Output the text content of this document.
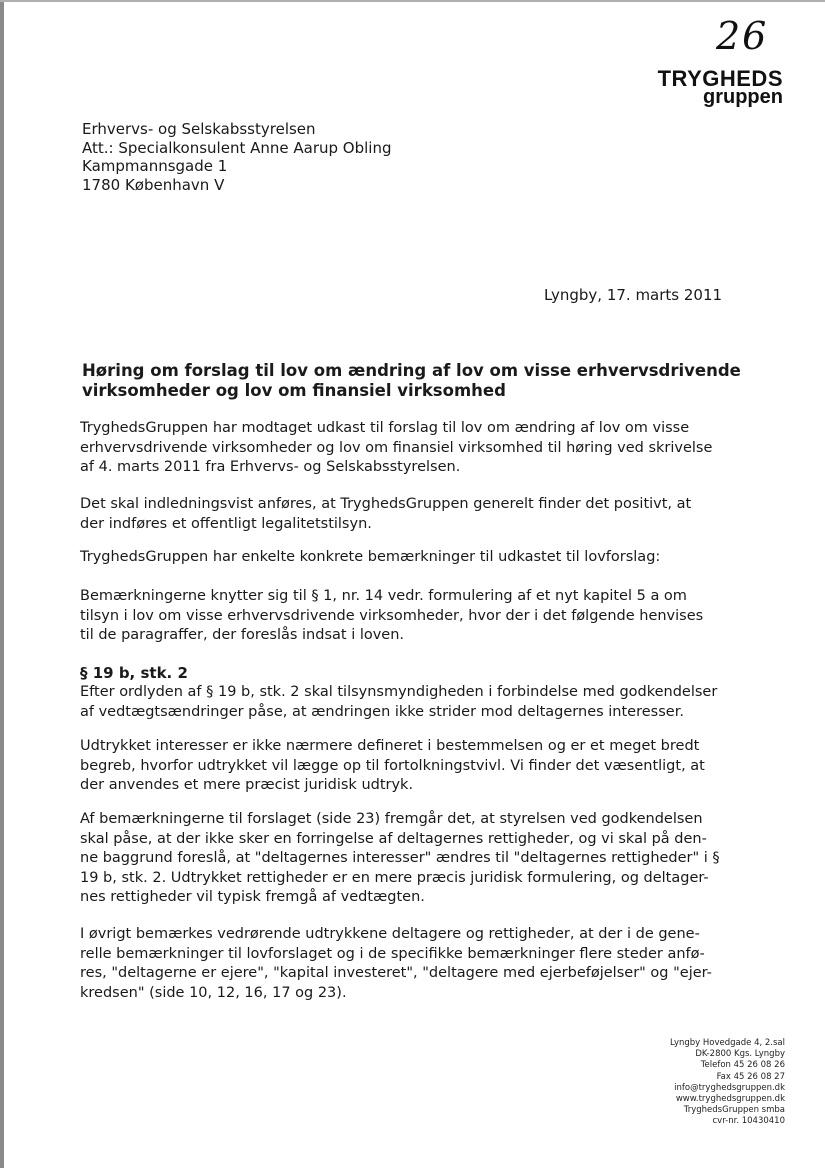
26
TRYGHEDS
gruppen
Erhvervs- og Selskabsstyrelsen
Att.: Specialkonsulent Anne Aarup Obling
Kampmannsgade 1
1780 København V
Lyngby, 17. marts 2011
Høring om forslag til lov om ændring af lov om visse erhvervsdrivende
virksomheder og lov om finansiel virksomhed
TryghedsGruppen har modtaget udkast til forslag til lov om ændring af lov om visse
erhvervsdrivende virksomheder og lov om finansiel virksomhed til høring ved skrivelse
af 4. marts 2011 fra Erhvervs- og Selskabsstyrelsen.
Det skal indledningsvist anføres, at TryghedsGruppen generelt finder det positivt, at
der indføres et offentligt legalitetstilsyn.
TryghedsGruppen har enkelte konkrete bemærkninger til udkastet til lovforslag:
Bemærkningerne knytter sig til § 1, nr. 14 vedr. formulering af et nyt kapitel 5 a om
tilsyn i lov om visse erhvervsdrivende virksomheder, hvor der i det følgende henvises
til de paragraffer, der foreslås indsat i loven.
§ 19 b, stk. 2
Efter ordlyden af § 19 b, stk. 2 skal tilsynsmyndigheden i forbindelse med godkendelser
af vedtægtsændringer påse, at ændringen ikke strider mod deltagernes interesser.
Udtrykket interesser er ikke nærmere defineret i bestemmelsen og er et meget bredt
begreb, hvorfor udtrykket vil lægge op til fortolkningstvivl. Vi finder det væsentligt, at
der anvendes et mere præcist juridisk udtryk.
Af bemærkningerne til forslaget (side 23) fremgår det, at styrelsen ved godkendelsen
skal påse, at der ikke sker en forringelse af deltagernes rettigheder, og vi skal på den-
ne baggrund foreslå, at "deltagernes interesser" ændres til "deltagernes rettigheder" i §
19 b, stk. 2. Udtrykket rettigheder er en mere præcis juridisk formulering, og deltager-
nes rettigheder vil typisk fremgå af vedtægten.
I øvrigt bemærkes vedrørende udtrykkene deltagere og rettigheder, at der i de gene-
relle bemærkninger til lovforslaget og i de specifikke bemærkninger flere steder anfø-
res, "deltagerne er ejere", "kapital investeret", "deltagere med ejerbeføjelser" og "ejer-
kredsen" (side 10, 12, 16, 17 og 23).
Lyngby Hovedgade 4, 2.sal
DK-2800 Kgs. Lyngby
Telefon 45 26 08 26
Fax 45 26 08 27
info@tryghedsgruppen.dk
www.tryghedsgruppen.dk
TryghedsGruppen smba
cvr-nr. 10430410
